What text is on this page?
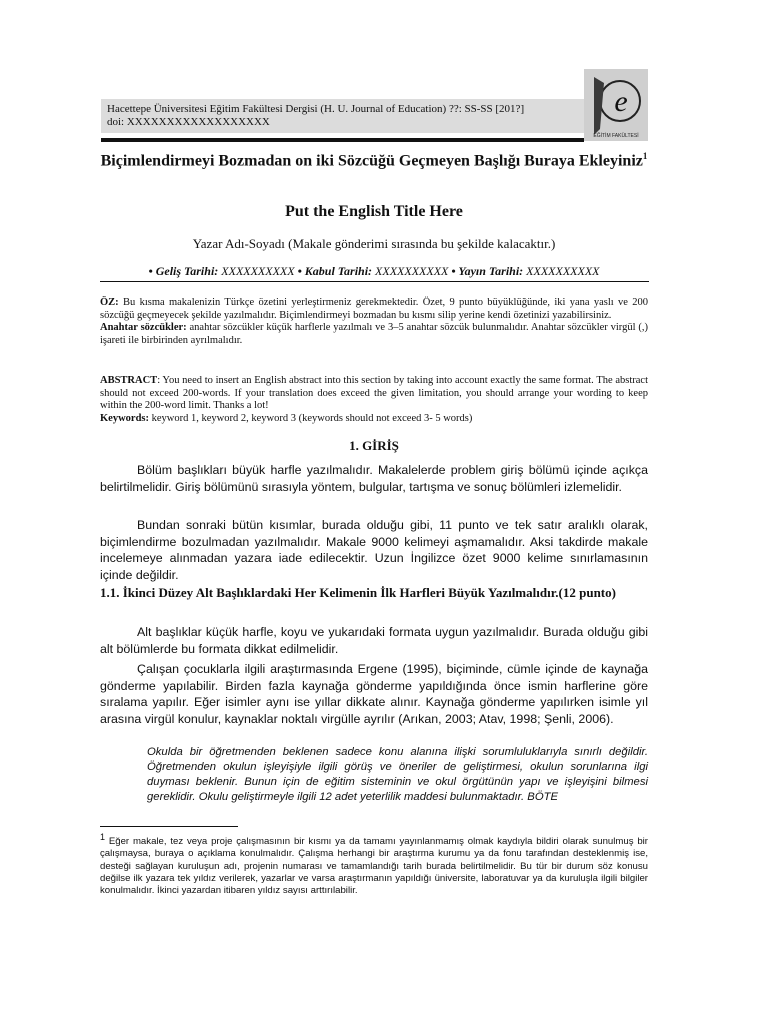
Hacettepe Üniversitesi Eğitim Fakültesi Dergisi (H. U. Journal of Education) ??: SS-SS [201?]
doi: XXXXXXXXXXXXXXXXXX
e
EĞİTİM FAKÜLTESİ
Biçimlendirmeyi Bozmadan on iki Sözcüğü Geçmeyen Başlığı Buraya Ekleyiniz$^1$
Put the English Title Here
Yazar Adı-Soyadı (Makale gönderimi sırasında bu şekilde kalacaktır.)
• Geliş Tarihi: XXXXXXXXXX • Kabul Tarihi: XXXXXXXXXX • Yayın Tarihi: XXXXXXXXXX
ÖZ: Bu kısma makalenizin Türkçe özetini yerleştirmeniz gerekmektedir. Özet, 9 punto büyüklüğünde, iki yana yaslı ve 200 sözcüğü geçmeyecek şekilde yazılmalıdır. Biçimlendirmeyi bozmadan bu kısmı silip yerine kendi özetinizi yazabilirsiniz.
Anahtar sözcükler: anahtar sözcükler küçük harflerle yazılmalı ve 3–5 anahtar sözcük bulunmalıdır. Anahtar sözcükler virgül (,) işareti ile birbirinden ayrılmalıdır.
ABSTRACT: You need to insert an English abstract into this section by taking into account exactly the same format. The abstract should not exceed 200-words. If your translation does exceed the given limitation, you should arrange your wording to keep within the 200-word limit. Thanks a lot!
Keywords: keyword 1, keyword 2, keyword 3 (keywords should not exceed 3- 5 words)
1. GİRİŞ
Bölüm başlıkları büyük harfle yazılmalıdır. Makalelerde problem giriş bölümü içinde açıkça belirtilmelidir. Giriş bölümünü sırasıyla yöntem, bulgular, tartışma ve sonuç bölümleri izlemelidir.
Bundan sonraki bütün kısımlar, burada olduğu gibi, 11 punto ve tek satır aralıklı olarak, biçimlendirme bozulmadan yazılmalıdır. Makale 9000 kelimeyi aşmamalıdır. Aksi takdirde makale incelemeye alınmadan yazara iade edilecektir. Uzun İngilizce özet 9000 kelime sınırlamasının içinde değildir.
1.1. İkinci Düzey Alt Başlıklardaki Her Kelimenin İlk Harfleri Büyük Yazılmalıdır.(12 punto)
Alt başlıklar küçük harfle, koyu ve yukarıdaki formata uygun yazılmalıdır. Burada olduğu gibi alt bölümlerde bu formata dikkat edilmelidir.
Çalışan çocuklarla ilgili araştırmasında Ergene (1995), biçiminde, cümle içinde de kaynağa gönderme yapılabilir. Birden fazla kaynağa gönderme yapıldığında önce ismin harflerine göre sıralama yapılır. Eğer isimler aynı ise yıllar dikkate alınır. Kaynağa gönderme yapılırken isimle yıl arasına virgül konulur, kaynaklar noktalı virgülle ayrılır (Arıkan, 2003; Atav, 1998; Şenli, 2006).
Okulda bir öğretmenden beklenen sadece konu alanına ilişki sorumluluklarıyla sınırlı değildir. Öğretmenden okulun işleyişiyle ilgili görüş ve öneriler de geliştirmesi, okulun sorunlarına ilgi duyması beklenir. Bunun için de eğitim sisteminin ve okul örgütünün yapı ve işleyişini bilmesi gereklidir. Okulu geliştirmeyle ilgili 12 adet yeterlilik maddesi bulunmaktadır. BÖTE
$^1$ Eğer makale, tez veya proje çalışmasının bir kısmı ya da tamamı yayınlanmamış olmak kaydıyla bildiri olarak sunulmuş bir çalışmaysa, buraya o açıklama konulmalıdır. Çalışma herhangi bir araştırma kurumu ya da fonu tarafından desteklenmiş ise, desteği sağlayan kuruluşun adı, projenin numarası ve tamamlandığı tarih burada belirtilmelidir. Bu tür bir durum söz konusu değilse ilk yazara tek yıldız verilerek, yazarlar ve varsa araştırmanın yapıldığı üniversite, laboratuvar ya da kuruluşla ilgili bilgiler konulmalıdır. İkinci yazardan itibaren yıldız sayısı arttırılabilir.
